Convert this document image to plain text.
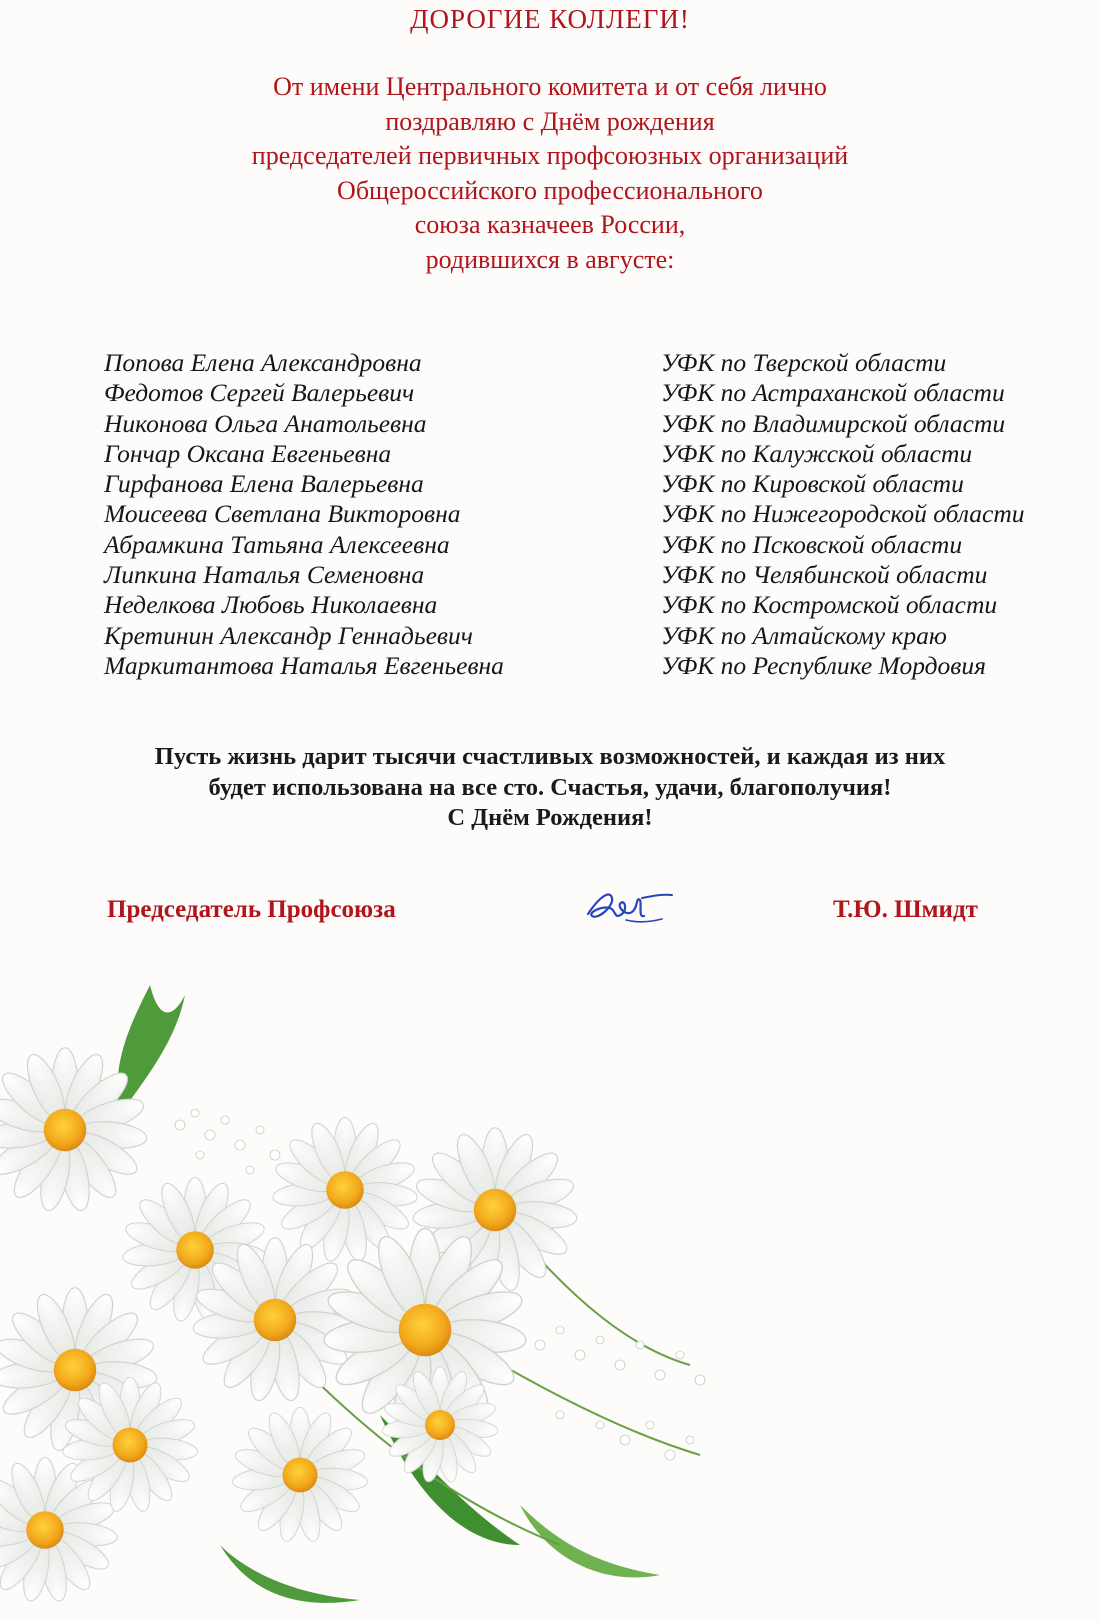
ДОРОГИЕ КОЛЛЕГИ!
От имени Центрального комитета и от себя лично
поздравляю с Днём рождения
председателей первичных профсоюзных организаций
Общероссийского профессионального
союза казначеев России,
родившихся в августе:
Попова Елена Александровна
Федотов Сергей Валерьевич
Никонова Ольга Анатольевна
Гончар Оксана Евгеньевна
Гирфанова Елена Валерьевна
Моисеева Светлана Викторовна
Абрамкина Татьяна Алексеевна
Липкина Наталья Семеновна
Неделкова Любовь Николаевна
Кретинин Александр Геннадьевич
Маркитантова Наталья Евгеньевна
УФК по Тверской области
УФК по Астраханской области
УФК по Владимирской области
УФК по Калужской области
УФК по Кировской области
УФК по Нижегородской области
УФК по Псковской области
УФК по Челябинской области
УФК по Костромской области
УФК по Алтайскому краю
УФК по Республике Мордовия
Пусть жизнь дарит тысячи счастливых возможностей, и каждая из них
будет использована на все сто. Счастья, удачи, благополучия!
С Днём Рождения!
Председатель Профсоюза	Т.Ю. Шмидт
